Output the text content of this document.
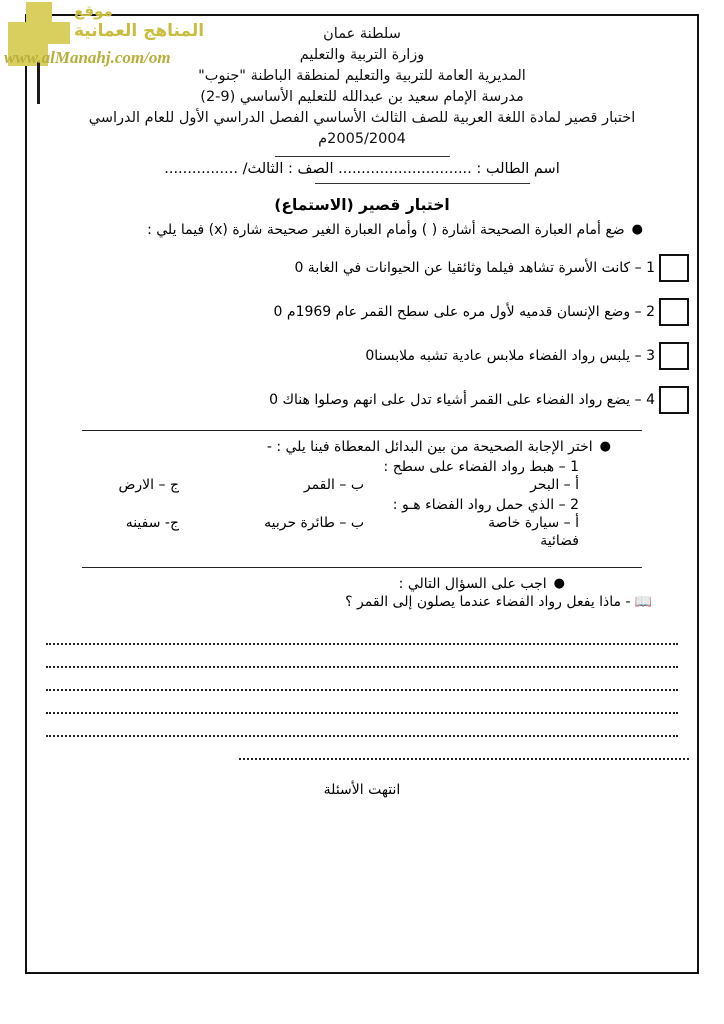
موقع
المناهج العمانية
www.alManahj.com/om
سلطنة عمان
وزارة التربية والتعليم
المديرية العامة للتربية والتعليم لمنطقة الباطنة "جنوب"
مدرسة الإمام سعيد بن عبدالله للتعليم الأساسي (9-2)
اختبار قصير لمادة اللغة العربية للصف الثالث الأساسي الفصل الدراسي الأول للعام الدراسي
2005/2004م
اسم الطالب : ............................. الصف : الثالث/ ................
اختبار قصير (الاستماع)
●ضع أمام العبارة الصحيحة أشارة ( ) وأمام العبارة الغير صحيحة شارة (x) فيما يلي :
1 – كانت الأسرة تشاهد فيلما وثائقيا عن الحيوانات في الغابة 0
2 – وضع الإنسان قدميه لأول مره على سطح القمر عام 1969م 0
3 – يلبس رواد الفضاء ملابس عادية تشبه ملابسنا0
4 – يضع رواد الفضاء على القمر أشياء تدل على انهم وصلوا هناك 0
●اختر الإجابة الصحيحة من بين البدائل المعطاة فينا يلي : -
1 – هبط رواد الفضاء على سطح :
أ – البحر
ب – القمر
ج – الارض
2 – الذي حمل رواد الفضاء هـو :
أ – سيارة خاصة
ب – طائرة حربيه
ج- سفينه
فضائية
●اجب على السؤال التالي :
📖- ماذا يفعل رواد الفضاء عندما يصلون إلى القمر ؟
انتهت الأسئلة
